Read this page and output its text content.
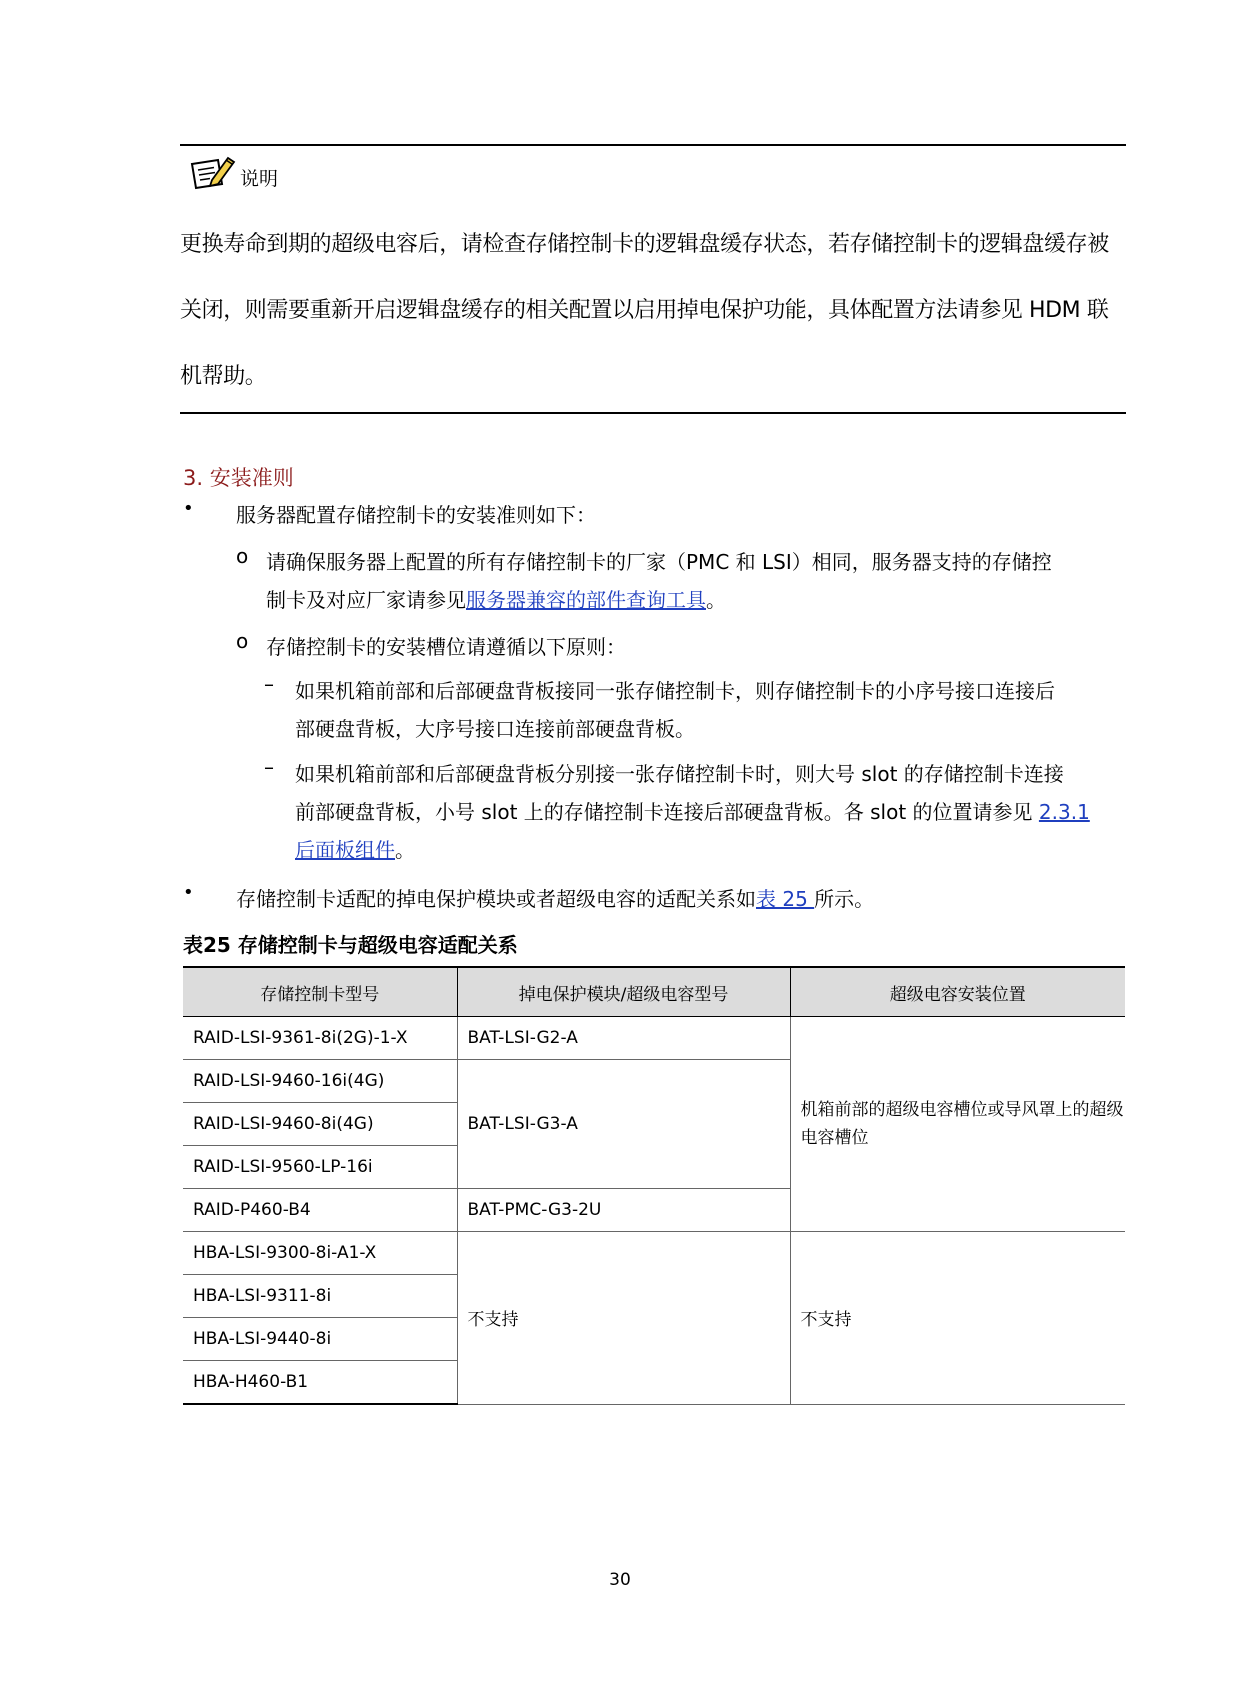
说明

更换寿命到期的超级电容后，请检查存储控制卡的逻辑盘缓存状态，若存储控制卡的逻辑盘缓存被
关闭，则需要重新开启逻辑盘缓存的相关配置以启用掉电保护功能，具体配置方法请参见 HDM 联
机帮助。

3. 安装准则
• 服务器配置存储控制卡的安装准则如下：
o 请确保服务器上配置的所有存储控制卡的厂家（PMC 和 LSI）相同，服务器支持的存储控
制卡及对应厂家请参见服务器兼容的部件查询工具。
o 存储控制卡的安装槽位请遵循以下原则：
– 如果机箱前部和后部硬盘背板接同一张存储控制卡，则存储控制卡的小序号接口连接后
部硬盘背板，大序号接口连接前部硬盘背板。
– 如果机箱前部和后部硬盘背板分别接一张存储控制卡时，则大号 slot 的存储控制卡连接
前部硬盘背板，小号 slot 上的存储控制卡连接后部硬盘背板。各 slot 的位置请参见 2.3.1
后面板组件。
• 存储控制卡适配的掉电保护模块或者超级电容的适配关系如表 25 所示。
表25 存储控制卡与超级电容适配关系
存储控制卡型号	掉电保护模块/超级电容型号	超级电容安装位置
RAID-LSI-9361-8i(2G)-1-X	BAT-LSI-G2-A	机箱前部的超级电容槽位或导风罩上的超级电容槽位
RAID-LSI-9460-16i(4G)	BAT-LSI-G3-A	
RAID-LSI-9460-8i(4G)		
RAID-LSI-9560-LP-16i		
RAID-P460-B4	BAT-PMC-G3-2U	
HBA-LSI-9300-8i-A1-X	不支持	不支持
HBA-LSI-9311-8i		
HBA-LSI-9440-8i		
HBA-H460-B1		
30
